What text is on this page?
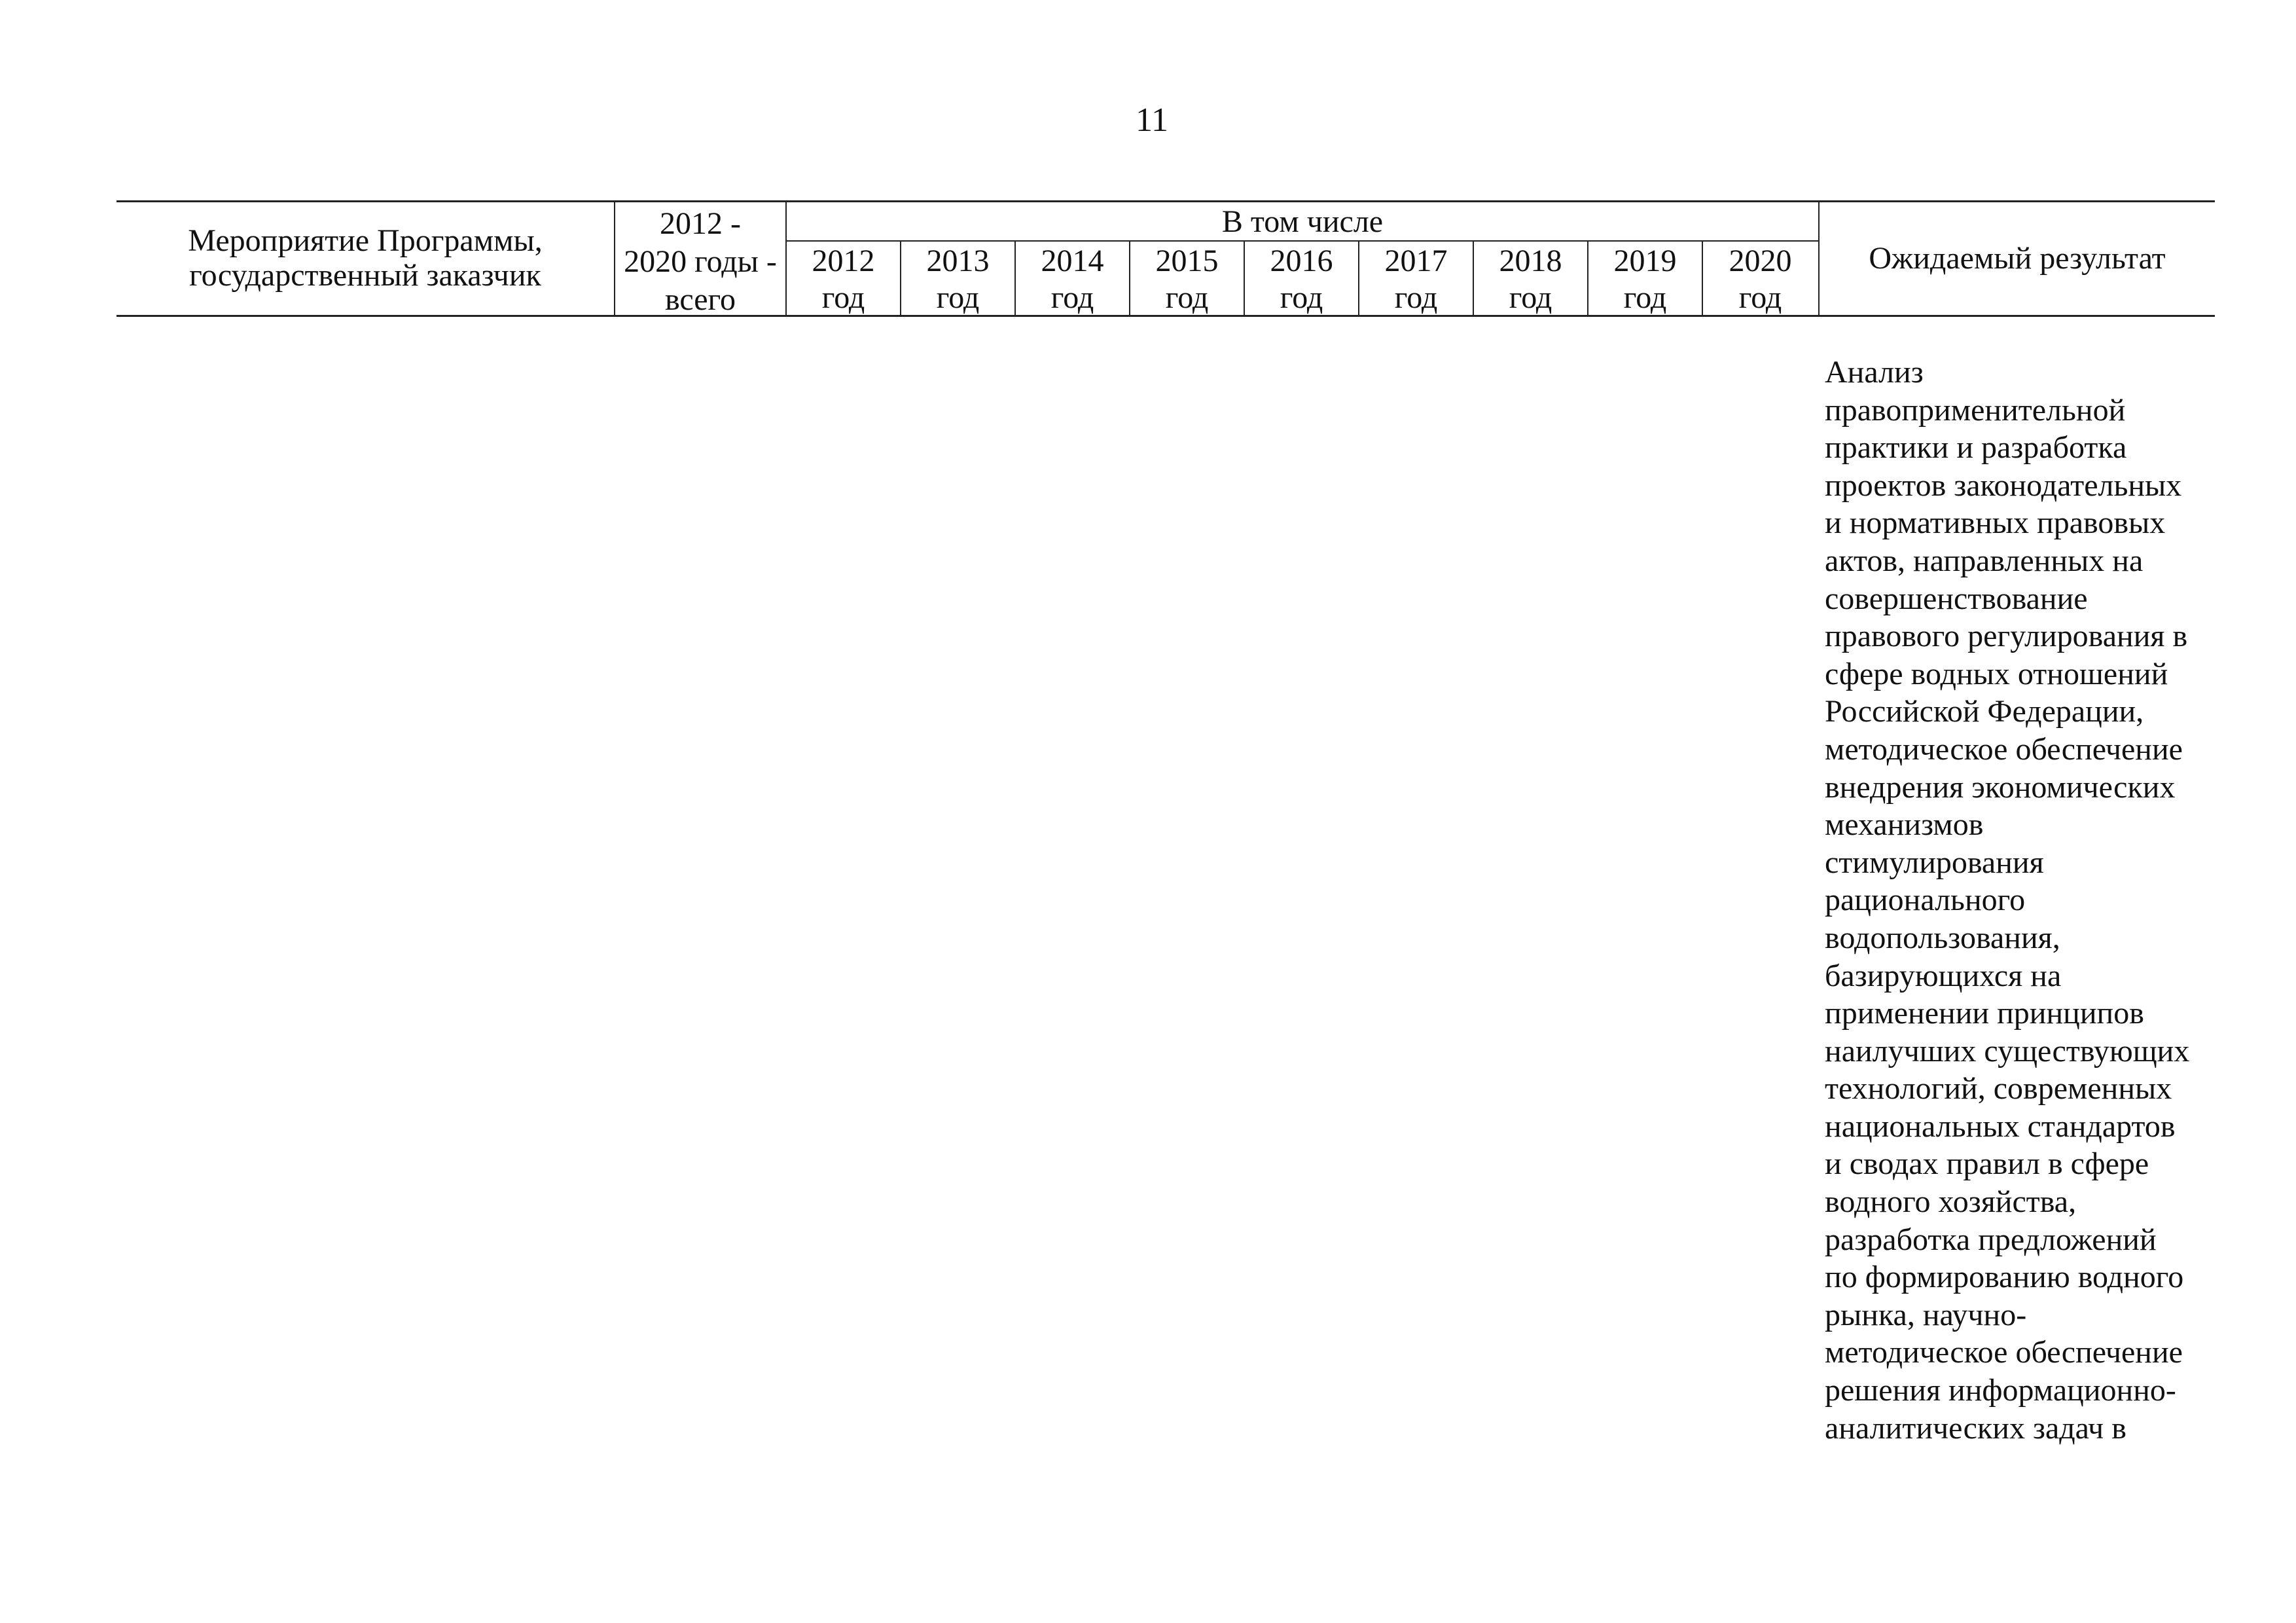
11
Мероприятие Программы,
государственный заказчик
2012 -
2020 годы -
всего
В том числе
2012
год
2013
год
2014
год
2015
год
2016
год
2017
год
2018
год
2019
год
2020
год
Ожидаемый результат
Анализ
правоприменительной
практики и разработка
проектов законодательных
и нормативных правовых
актов, направленных на
совершенствование
правового регулирования в
сфере водных отношений
Российской Федерации,
методическое обеспечение
внедрения экономических
механизмов
стимулирования
рационального
водопользования,
базирующихся на
применении принципов
наилучших существующих
технологий, современных
национальных стандартов
и сводах правил в сфере
водного хозяйства,
разработка предложений
по формированию водного
рынка, научно-
методическое обеспечение
решения информационно-
аналитических задач в
